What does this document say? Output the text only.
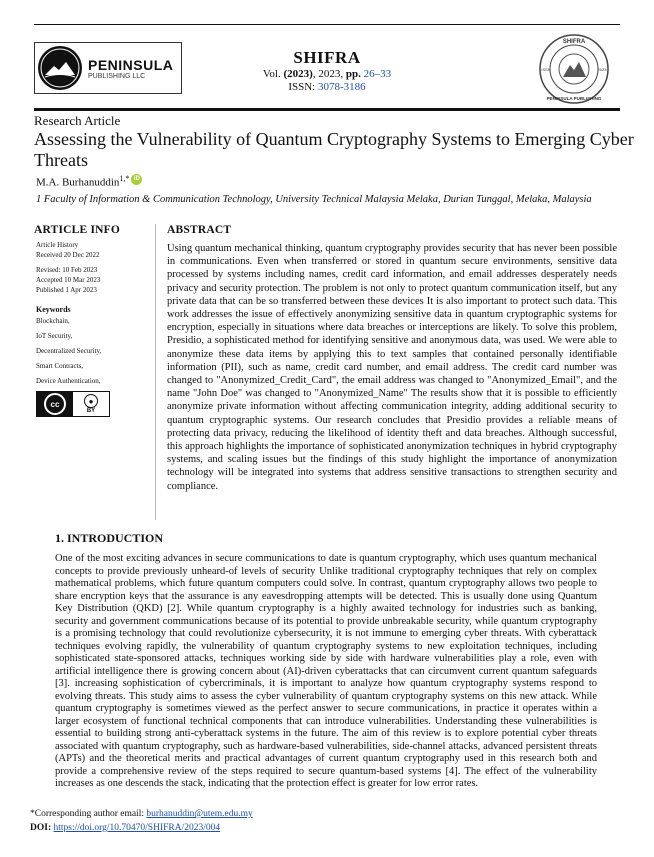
PENINSULA
PUBLISHING LLC
SHIFRA
Vol. (2023), 2023, pp. 26–33
ISSN: 3078-3186
SHIFRA
PENINSULA PUBLISHING
ISSN	2023
Research Article
Assessing the Vulnerability of Quantum Cryptography Systems to Emerging Cyber Threats
M.A. Burhanuddin$^{1,*}$ iD
1 Faculty of Information & Communication Technology, University Technical Malaysia Melaka, Durian Tunggal, Melaka, Malaysia
ARTICLE INFO
Article History
Received 20 Dec 2022
Revised: 10 Feb 2023
Accepted 10 Mar 2023
Published 1 Apr 2023
Keywords
Blockchain,
IoT Security,
Decentralized Security,
Smart Contracts,
Device Authentication,
cc	●
BY
ABSTRACT

Using quantum mechanical thinking, quantum cryptography provides security that has never been possible in communications. Even when transferred or stored in quantum secure environments, sensitive data processed by systems including names, credit card information, and email addresses desperately needs privacy and security protection. The problem is not only to protect quantum communication itself, but any private data that can be so transferred between these devices It is also important to protect such data. This work addresses the issue of effectively anonymizing sensitive data in quantum cryptographic systems for encryption, especially in situations where data breaches or interceptions are likely. To solve this problem, Presidio, a sophisticated method for identifying sensitive and anonymous data, was used. We were able to anonymize these data items by applying this to text samples that contained personally identifiable information (PII), such as name, credit card number, and email address. The credit card number was changed to "Anonymized_Credit_Card", the email address was changed to "Anonymized_Email", and the name "John Doe" was changed to "Anonymized_Name" The results show that it is possible to efficiently anonymize private information without affecting communication integrity, adding additional security to quantum cryptographic systems. Our research concludes that Presidio provides a reliable means of protecting data privacy, reducing the likelihood of identity theft and data breaches. Although successful, this approach highlights the importance of sophisticated anonymization techniques in hybrid cryptography systems, and scaling issues but the findings of this study highlight the importance of anonymization technology will be integrated into systems that address sensitive transactions to strengthen security and compliance.

1. INTRODUCTION

One of the most exciting advances in secure communications to date is quantum cryptography, which uses quantum mechanical concepts to provide previously unheard-of levels of security Unlike traditional cryptography techniques that rely on complex mathematical problems, which future quantum computers could solve. In contrast, quantum cryptography allows two people to share encryption keys that the assurance is any eavesdropping attempts will be detected. This is usually done using Quantum Key Distribution (QKD) [2]. While quantum cryptography is a highly awaited technology for industries such as banking, security and government communications because of its potential to provide unbreakable security, while quantum cryptography is a promising technology that could revolutionize cybersecurity, it is not immune to emerging cyber threats. With cyberattack techniques evolving rapidly, the vulnerability of quantum cryptography systems to new exploitation techniques, including sophisticated state-sponsored attacks, techniques working side by side with hardware vulnerabilities play a role, even with artificial intelligence there is growing concern about (AI)-driven cyberattacks that can circumvent current quantum safeguards [3]. increasing sophistication of cybercriminals, it is important to analyze how quantum cryptography systems respond to evolving threats. This study aims to assess the cyber vulnerability of quantum cryptography systems on this new attack. While quantum cryptography is sometimes viewed as the perfect answer to secure communications, in practice it operates within a larger ecosystem of functional technical components that can introduce vulnerabilities. Understanding these vulnerabilities is essential to building strong anti-cyberattack systems in the future. The aim of this review is to explore potential cyber threats associated with quantum cryptography, such as hardware-based vulnerabilities, side-channel attacks, advanced persistent threats (APTs) and the theoretical merits and practical advantages of current quantum cryptography used in this research both and provide a comprehensive review of the steps required to secure quantum-based systems [4]. The effect of the vulnerability increases as one descends the stack, indicating that the protection effect is greater for low error rates.

*Corresponding author email: burhanuddin@utem.edu.my
DOI: https://doi.org/10.70470/SHIFRA/2023/004
